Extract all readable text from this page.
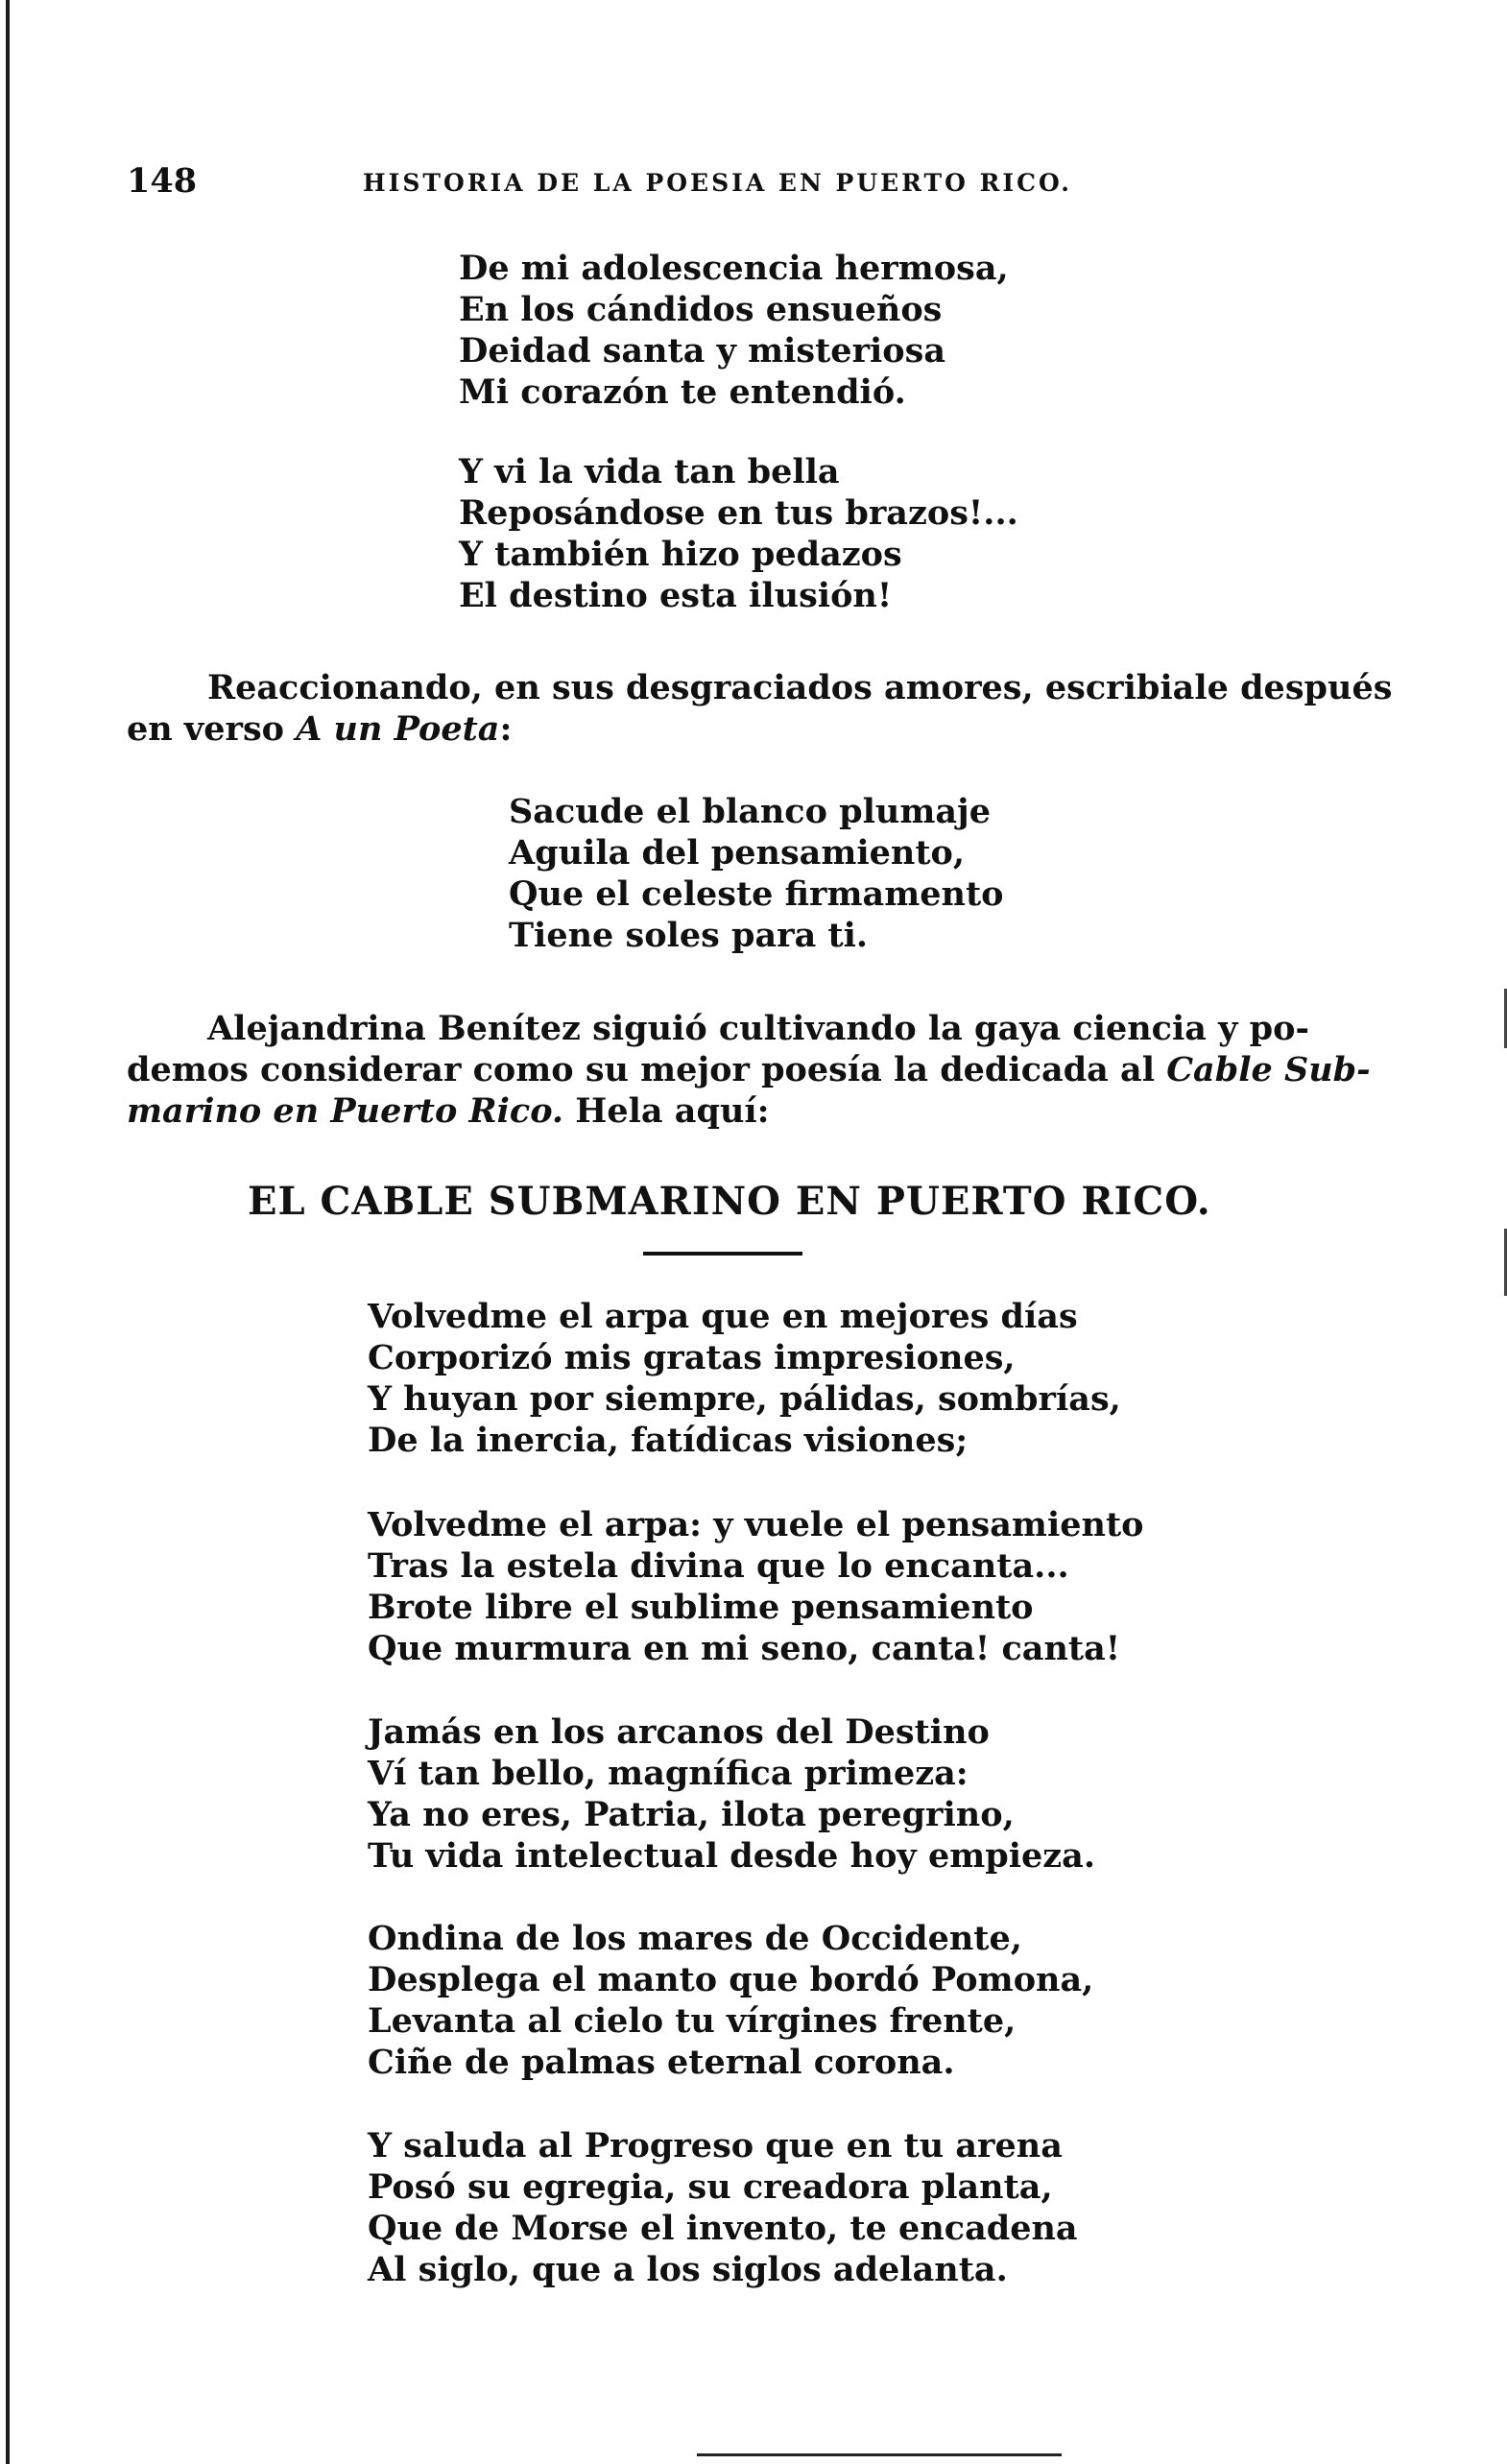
148	HISTORIA DE LA POESIA EN PUERTO RICO.
De mi adolescencia hermosa,
En los cándidos ensueños
Deidad santa y misteriosa
Mi corazón te entendió.
Y vi la vida tan bella
Reposándose en tus brazos!...
Y también hizo pedazos
El destino esta ilusión!
Reaccionando, en sus desgraciados amores, escribiale después
en verso A un Poeta:
Sacude el blanco plumaje
Aguila del pensamiento,
Que el celeste firmamento
Tiene soles para ti.
Alejandrina Benítez siguió cultivando la gaya ciencia y po-
demos considerar como su mejor poesía la dedicada al Cable Sub-
marino en Puerto Rico. Hela aquí:
EL CABLE SUBMARINO EN PUERTO RICO.
Volvedme el arpa que en mejores días
Corporizó mis gratas impresiones,
Y huyan por siempre, pálidas, sombrías,
De la inercia, fatídicas visiones;
Volvedme el arpa: y vuele el pensamiento
Tras la estela divina que lo encanta...
Brote libre el sublime pensamiento
Que murmura en mi seno, canta! canta!
Jamás en los arcanos del Destino
Ví tan bello, magnífica primeza:
Ya no eres, Patria, ilota peregrino,
Tu vida intelectual desde hoy empieza.
Ondina de los mares de Occidente,
Desplega el manto que bordó Pomona,
Levanta al cielo tu vírgines frente,
Ciñe de palmas eternal corona.
Y saluda al Progreso que en tu arena
Posó su egregia, su creadora planta,
Que de Morse el invento, te encadena
Al siglo, que a los siglos adelanta.
